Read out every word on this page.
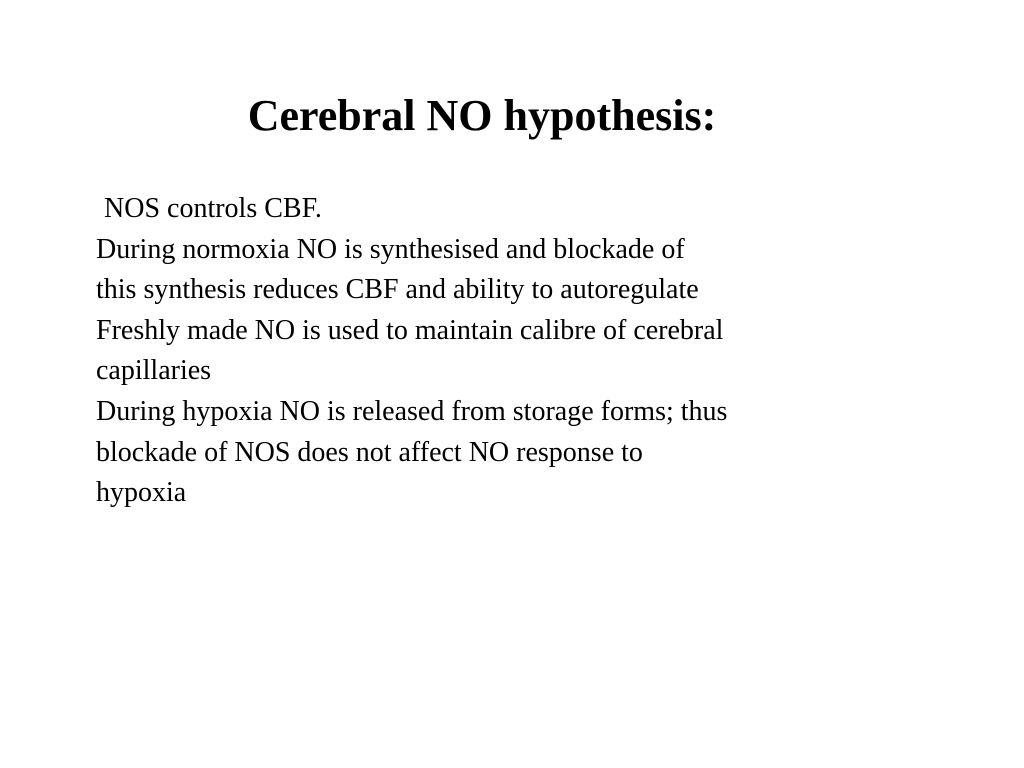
Cerebral NO hypothesis:
NOS controls CBF.
During normoxia NO is synthesised and blockade of
this synthesis reduces CBF and ability to autoregulate
Freshly made NO is used to maintain calibre of cerebral
capillaries
During hypoxia NO is released from storage forms; thus
blockade of NOS does not affect NO response to
hypoxia
